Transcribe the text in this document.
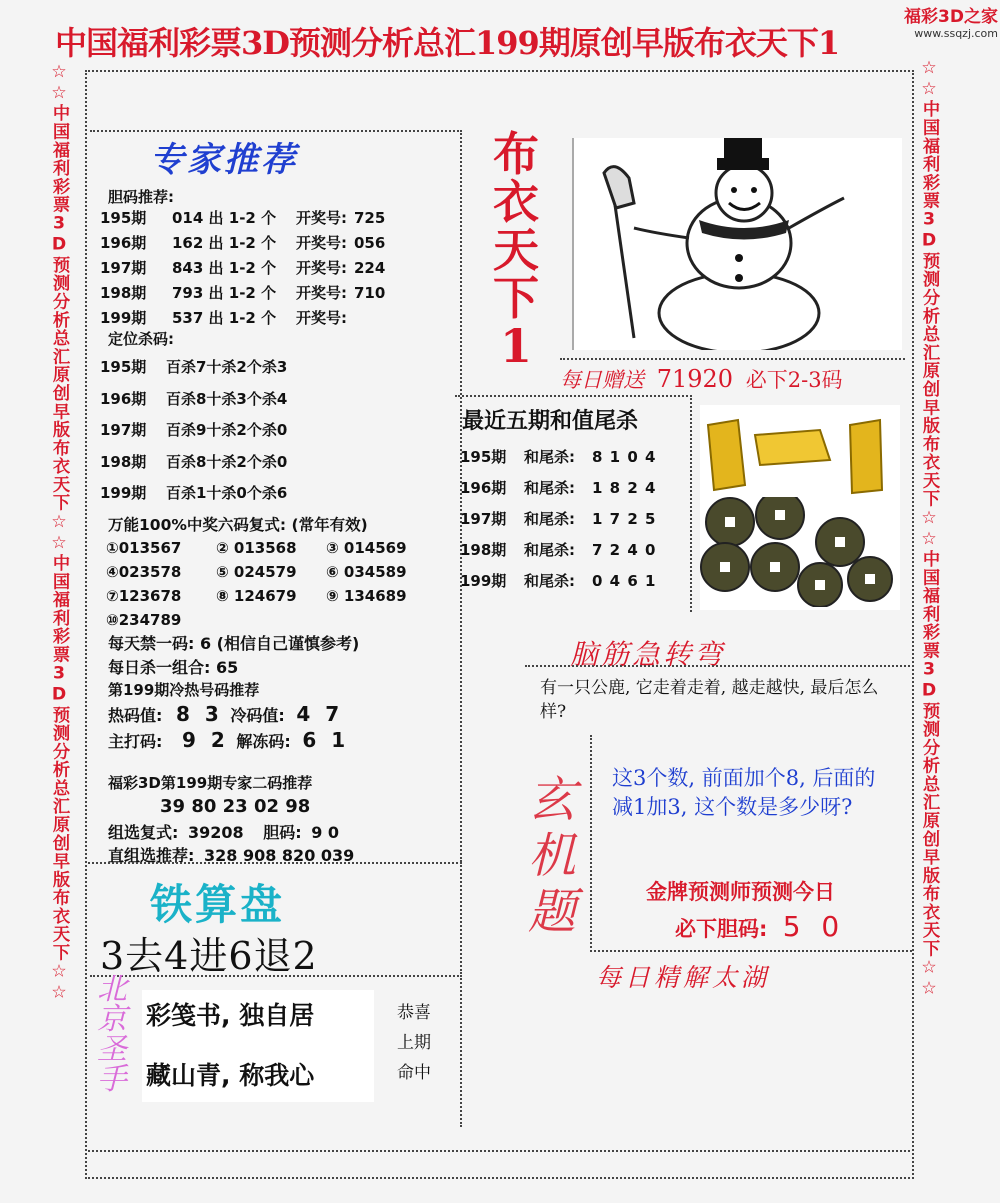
中国福利彩票3D预测分析总汇199期原创早版布衣天下1
福彩3D之家
www.ssqzj.com
☆☆中国福利彩票3D预测分析总汇原创早版布衣天下☆☆中国福利彩票3D预测分析总汇原创早版布衣天下☆☆	☆☆中国福利彩票3D预测分析总汇原创早版布衣天下☆☆中国福利彩票3D预测分析总汇原创早版布衣天下☆☆
专家推荐
胆码推荐:
195期 014 出 1-2 个 开奖号: 725
196期 162 出 1-2 个 开奖号: 056
197期 843 出 1-2 个 开奖号: 224
198期 793 出 1-2 个 开奖号: 710
199期 537 出 1-2 个 开奖号:
定位杀码:
195期 百杀7十杀2个杀3
196期 百杀8十杀3个杀4
197期 百杀9十杀2个杀0
198期 百杀8十杀2个杀0
199期 百杀1十杀0个杀6
万能100%中奖六码复式: (常年有效)
①013567 ② 013568 ③ 014569④023578 ⑤ 024579 ⑥ 034589⑦123678 ⑧ 124679 ⑨ 134689⑩234789
每天禁一码: 6 (相信自己谨慎参考)
每日杀一组合: 65
第199期冷热号码推荐
热码值: 8 3 冷码值: 4 7
主打码: 9 2 解冻码: 6 1
福彩3D第199期专家二码推荐
39 80 23 02 98
组选复式: 39208 胆码: 9 0
直组选推荐: 328 908 820 039
布衣天下1
每日赠送 71920 必下2-3码
最近五期和值尾杀
195期 和尾杀: 8 1 0 4
196期 和尾杀: 1 8 2 4
197期 和尾杀: 1 7 2 5
198期 和尾杀: 7 2 4 0
199期 和尾杀: 0 4 6 1
脑筋急转弯
有一只公鹿, 它走着走着, 越走越快, 最后怎么样?
玄机题
这3个数, 前面加个8, 后面的减1加3, 这个数是多少呀?
金牌预测师预测今日
必下胆码: 5 0
每日精解太湖
铁算盘
3去4进6退2
北京圣手
彩笺书, 独自居
藏山青, 称我心
恭喜上期命中
